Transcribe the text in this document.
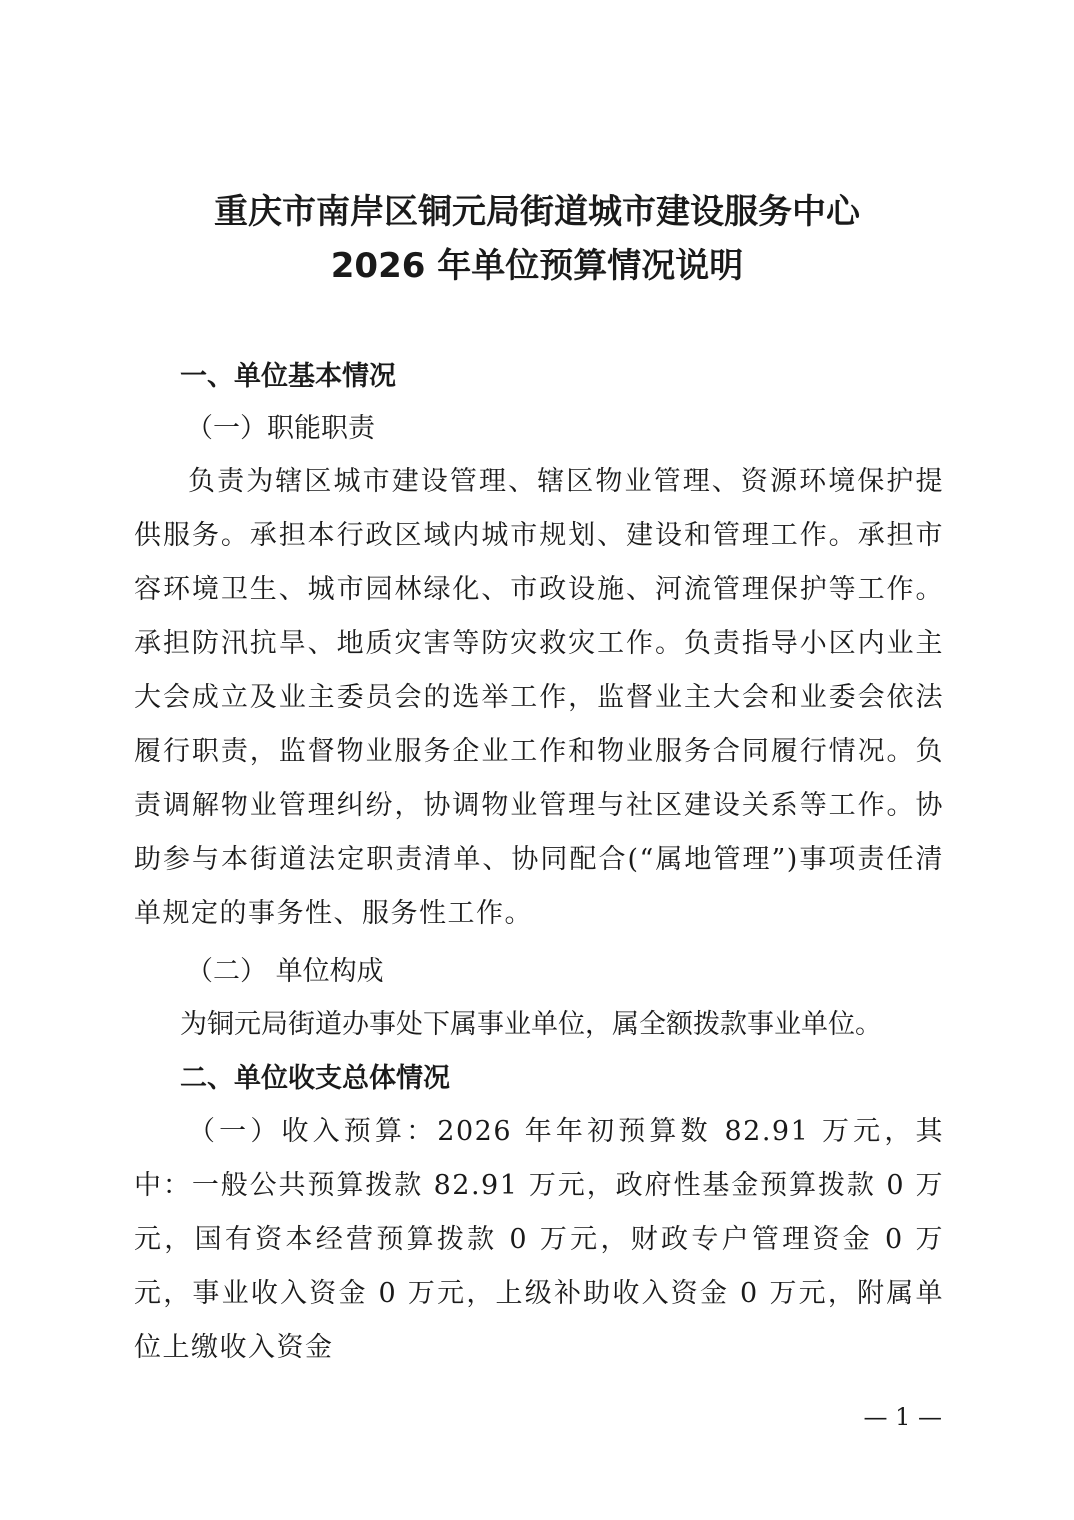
重庆市南岸区铜元局街道城市建设服务中心
2026 年单位预算情况说明
一、单位基本情况
（一）职能职责
负责为辖区城市建设管理、辖区物业管理、资源环境保护提供服务。承担本行政区域内城市规划、建设和管理工作。承担市容环境卫生、城市园林绿化、市政设施、河流管理保护等工作。承担防汛抗旱、地质灾害等防灾救灾工作。负责指导小区内业主大会成立及业主委员会的选举工作，监督业主大会和业委会依法履行职责，监督物业服务企业工作和物业服务合同履行情况。负责调解物业管理纠纷，协调物业管理与社区建设关系等工作。协助参与本街道法定职责清单、协同配合(“属地管理”)事项责任清单规定的事务性、服务性工作。
（二） 单位构成
为铜元局街道办事处下属事业单位，属全额拨款事业单位。
二、单位收支总体情况
（一）收入预算：2026 年年初预算数 82.91 万元，其中：一般公共预算拨款 82.91 万元，政府性基金预算拨款 0 万元，国有资本经营预算拨款 0 万元，财政专户管理资金 0 万元，事业收入资金 0 万元，上级补助收入资金 0 万元，附属单位上缴收入资金
— 1 —
